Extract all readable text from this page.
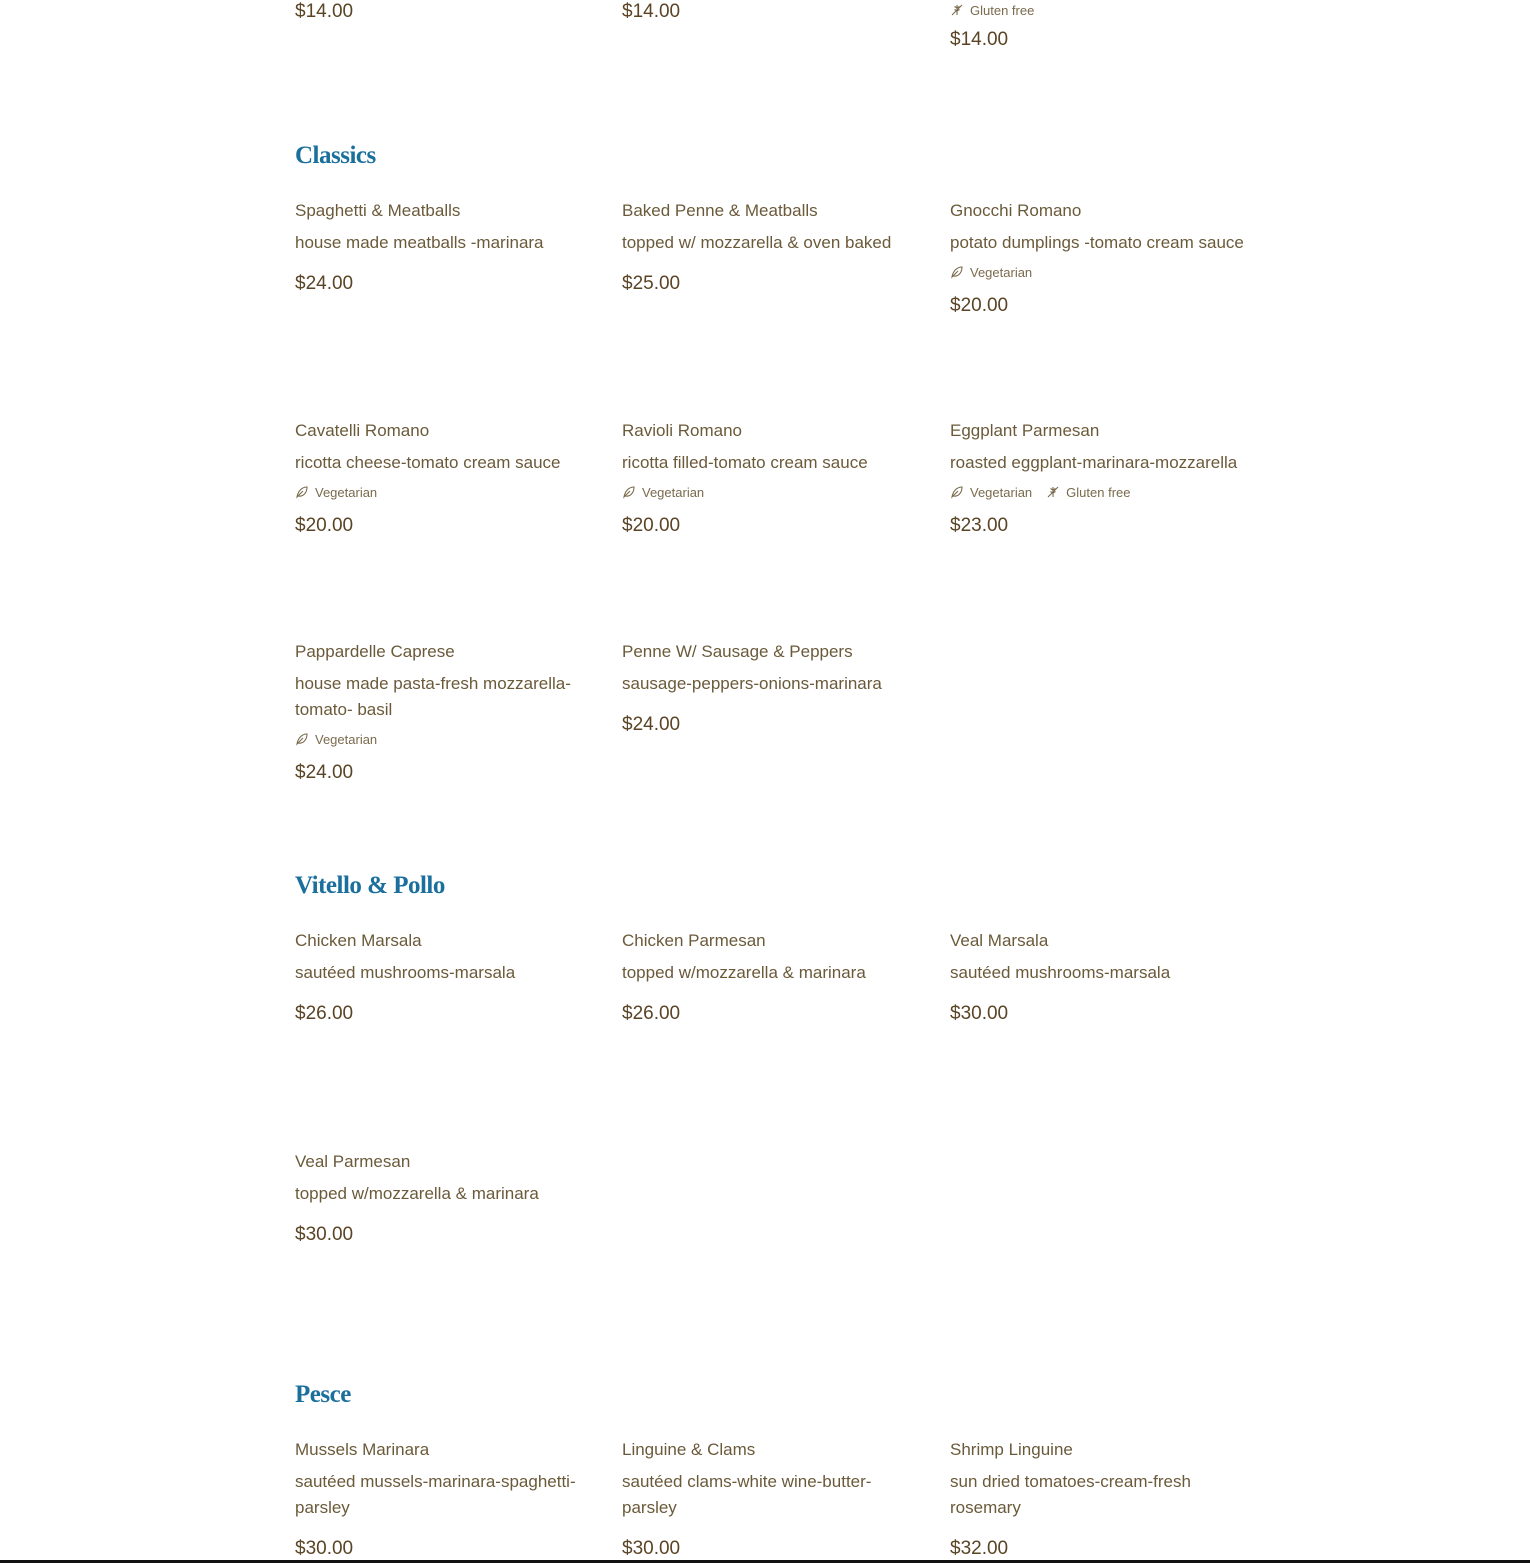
$14.00	$14.00	Gluten free
$14.00
Classics
Spaghetti & Meatballs
house made meatballs -marinara
$24.00
Baked Penne & Meatballs
topped w/ mozzarella & oven baked
$25.00
Gnocchi Romano
potato dumplings -tomato cream sauce
Vegetarian
$20.00
Cavatelli Romano
ricotta cheese-tomato cream sauce
Vegetarian
$20.00
Ravioli Romano
ricotta filled-tomato cream sauce
Vegetarian
$20.00
Eggplant Parmesan
roasted eggplant-marinara-mozzarella
Vegetarian	Gluten free
$23.00
Pappardelle Caprese
house made pasta-fresh mozzarella- tomato- basil
Vegetarian
$24.00
Penne W/ Sausage & Peppers
sausage-peppers-onions-marinara
$24.00
Vitello & Pollo
Chicken Marsala
sautéed mushrooms-marsala
$26.00
Chicken Parmesan
topped w/mozzarella & marinara
$26.00
Veal Marsala
sautéed mushrooms-marsala
$30.00
Veal Parmesan
topped w/mozzarella & marinara
$30.00
Pesce
Mussels Marinara
sautéed mussels-marinara-spaghetti- parsley
$30.00
Linguine & Clams
sautéed clams-white wine-butter- parsley
$30.00
Shrimp Linguine
sun dried tomatoes-cream-fresh rosemary
$32.00
